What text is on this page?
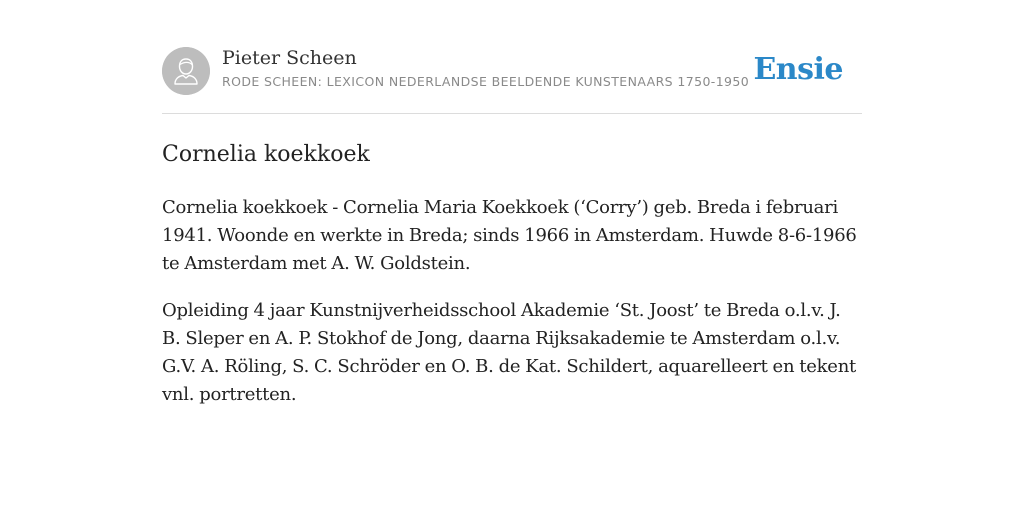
Pieter Scheen
RODE SCHEEN: LEXICON NEDERLANDSE BEELDENDE KUNSTENAARS 1750-1950 Ensie
Cornelia koekkoek

Cornelia koekkoek - Cornelia Maria Koekkoek (‘Corry’) geb. Breda i februari 1941. Woonde en werkte in Breda; sinds 1966 in Amsterdam. Huwde 8-6-1966 te Amsterdam met A. W. Goldstein.

Opleiding 4 jaar Kunstnijverheidsschool Akademie ‘St. Joost’ te Breda o.l.v. J. B. Sleper en A. P. Stokhof de Jong, daarna Rijksakademie te Amsterdam o.l.v. G.V. A. Röling, S. C. Schröder en O. B. de Kat. Schildert, aquarelleert en tekent vnl. portretten.
